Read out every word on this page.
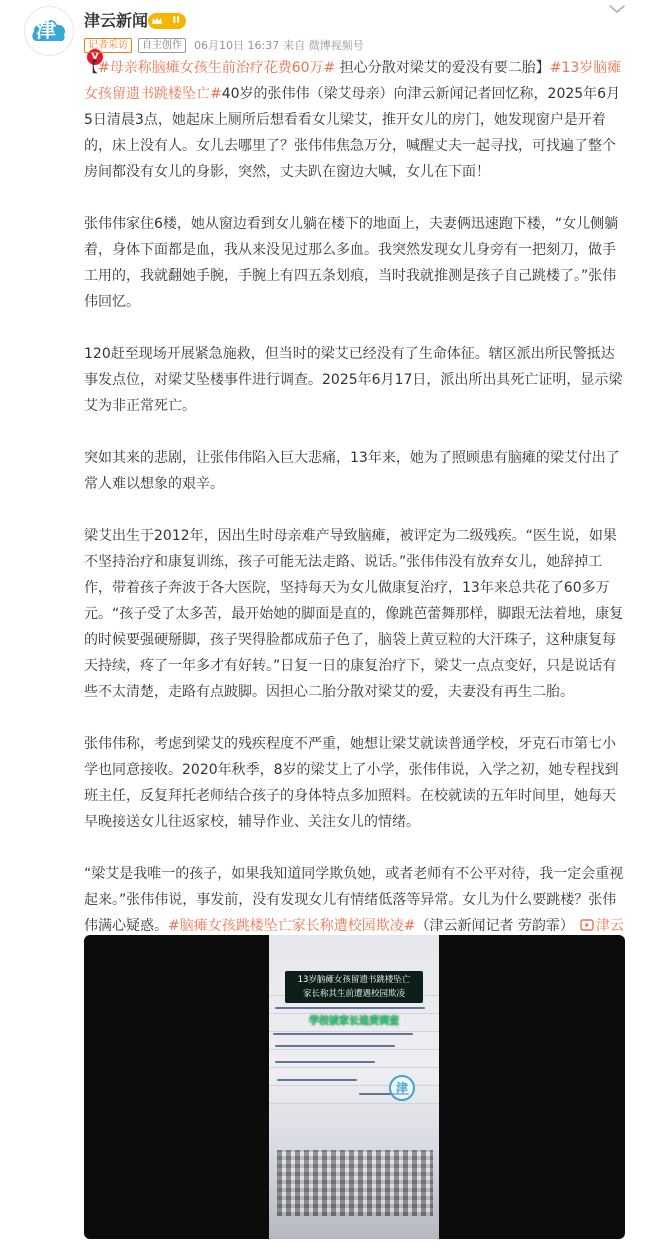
津
V
津云新闻	II
记者采访	自主创作	06月10日 16:37 来自 微博视频号

【#母亲称脑瘫女孩生前治疗花费60万# 担心分散对梁艾的爱没有要二胎】#13岁脑瘫女孩留遗书跳楼坠亡#40岁的张伟伟（梁艾母亲）向津云新闻记者回忆称，2025年6月5日清晨3点，她起床上厕所后想看看女儿梁艾，推开女儿的房门，她发现窗户是开着的，床上没有人。女儿去哪里了？张伟伟焦急万分，喊醒丈夫一起寻找，可找遍了整个房间都没有女儿的身影，突然，丈夫趴在窗边大喊，女儿在下面！

张伟伟家住6楼，她从窗边看到女儿躺在楼下的地面上，夫妻俩迅速跑下楼，“女儿侧躺着，身体下面都是血，我从来没见过那么多血。我突然发现女儿身旁有一把刻刀，做手工用的，我就翻她手腕，手腕上有四五条划痕，当时我就推测是孩子自己跳楼了。”张伟伟回忆。

120赶至现场开展紧急施救，但当时的梁艾已经没有了生命体征。辖区派出所民警抵达事发点位，对梁艾坠楼事件进行调查。2025年6月17日，派出所出具死亡证明，显示梁艾为非正常死亡。

突如其来的悲剧，让张伟伟陷入巨大悲痛，13年来，她为了照顾患有脑瘫的梁艾付出了常人难以想象的艰辛。

梁艾出生于2012年，因出生时母亲难产导致脑瘫，被评定为二级残疾。“医生说，如果不坚持治疗和康复训练，孩子可能无法走路、说话。”张伟伟没有放弃女儿，她辞掉工作，带着孩子奔波于各大医院，坚持每天为女儿做康复治疗，13年来总共花了60多万元。“孩子受了太多苦，最开始她的脚面是直的，像跳芭蕾舞那样，脚跟无法着地，康复的时候要强硬掰脚，孩子哭得脸都成茄子色了，脑袋上黄豆粒的大汗珠子，这种康复每天持续，疼了一年多才有好转。”日复一日的康复治疗下，梁艾一点点变好，只是说话有些不太清楚，走路有点跛脚。因担心二胎分散对梁艾的爱，夫妻没有再生二胎。

张伟伟称，考虑到梁艾的残疾程度不严重，她想让梁艾就读普通学校，牙克石市第七小学也同意接收。2020年秋季，8岁的梁艾上了小学，张伟伟说，入学之初，她专程找到班主任，反复拜托老师结合孩子的身体特点多加照料。在校就读的五年时间里，她每天早晚接送女儿往返家校，辅导作业、关注女儿的情绪。

“梁艾是我唯一的孩子，如果我知道同学欺负她，或者老师有不公平对待，我一定会重视起来。”张伟伟说，事发前，没有发现女儿有情绪低落等异常。女儿为什么要跳楼？张伟伟满心疑惑。#脑瘫女孩跳楼坠亡家长称遭校园欺凌#（津云新闻记者 劳韵霏） 津云

13岁脑瘫女孩留遗书跳楼坠亡
家长称其生前遭遇校园欺凌
学校被家长追责调查
津
